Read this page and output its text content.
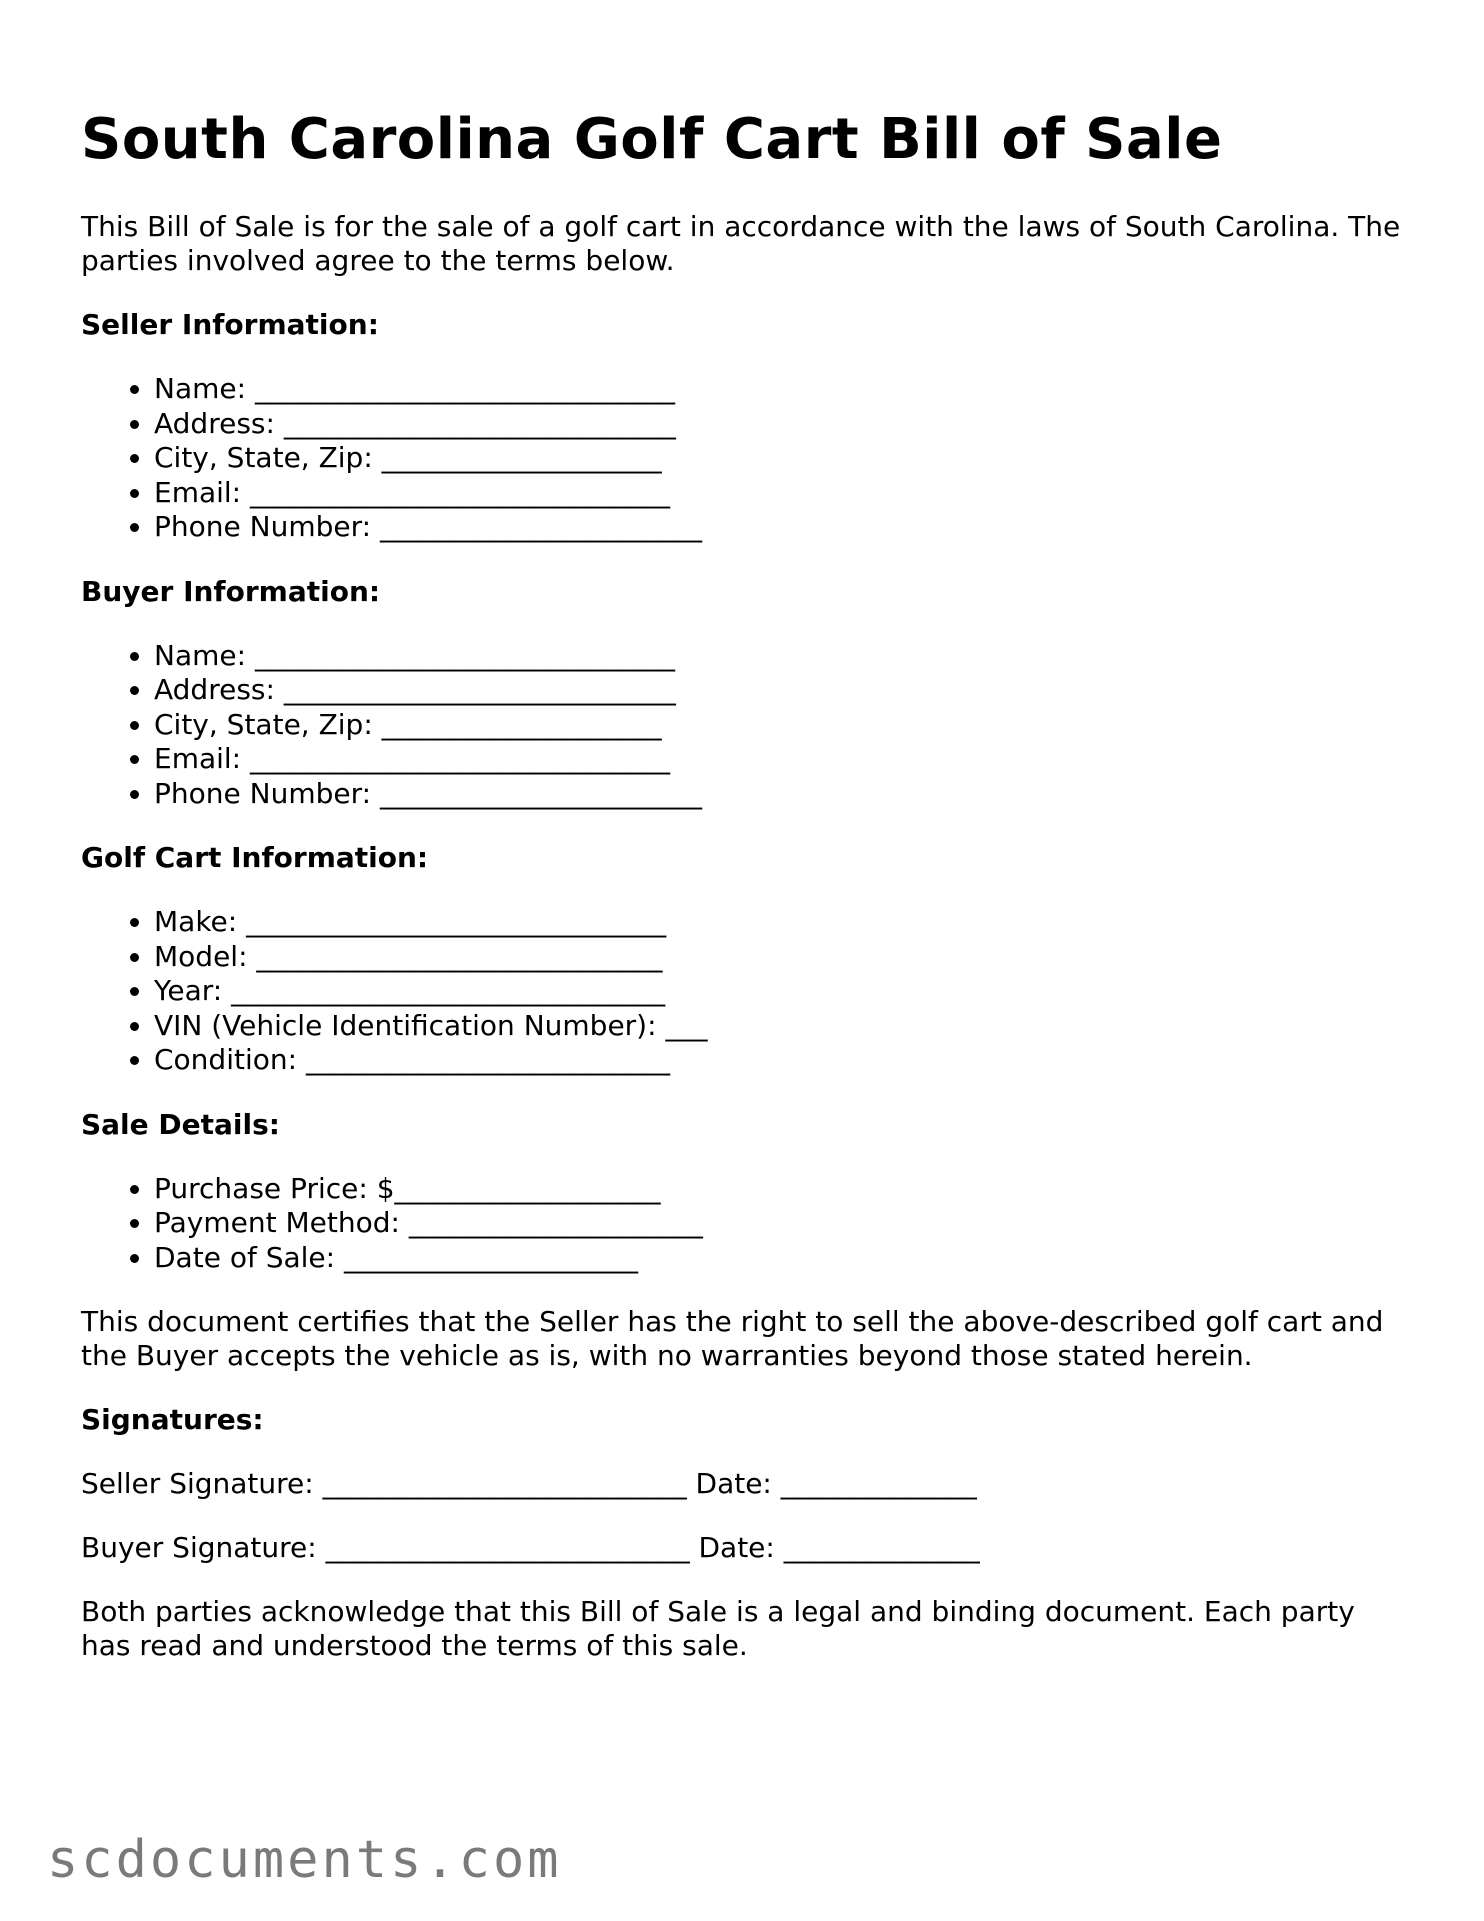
South Carolina Golf Cart Bill of Sale

This Bill of Sale is for the sale of a golf cart in accordance with the laws of South Carolina. The parties involved agree to the terms below.

Seller Information:
• Name: ______________________________
• Address: ____________________________
• City, State, Zip: ____________________
• Email: ______________________________
• Phone Number: _______________________
Buyer Information:
• Name: ______________________________
• Address: ____________________________
• City, State, Zip: ____________________
• Email: ______________________________
• Phone Number: _______________________
Golf Cart Information:
• Make: ______________________________
• Model: _____________________________
• Year: _______________________________
• VIN (Vehicle Identification Number): ___
• Condition: __________________________
Sale Details:
• Purchase Price: $___________________
• Payment Method: _____________________
• Date of Sale: _____________________

This document certifies that the Seller has the right to sell the above-described golf cart and the Buyer accepts the vehicle as is, with no warranties beyond those stated herein.

Signatures:
Seller Signature: __________________________ Date: ______________
Buyer Signature: __________________________ Date: ______________

Both parties acknowledge that this Bill of Sale is a legal and binding document. Each party has read and understood the terms of this sale.

scdocuments.com
